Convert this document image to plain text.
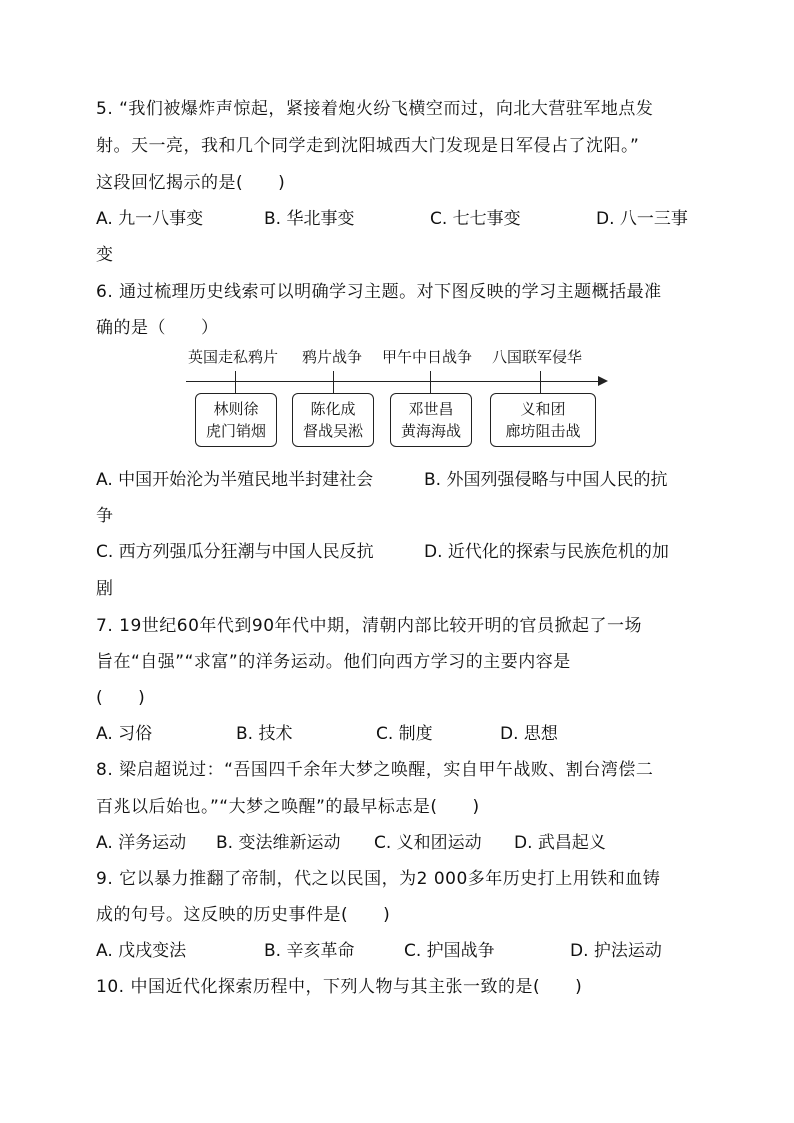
5. “我们被爆炸声惊起，紧接着炮火纷飞横空而过，向北大营驻军地点发
射。天一亮，我和几个同学走到沈阳城西大门发现是日军侵占了沈阳。”
这段回忆揭示的是(　　)
A. 九一八事变	B. 华北事变	C. 七七事变	D. 八一三事
变
6. 通过梳理历史线索可以明确学习主题。对下图反映的学习主题概括最准
确的是（　　）
英国走私鸦片 鸦片战争 甲午中日战争 八国联军侵华
林则徐
虎门销烟
陈化成
督战吴淞
邓世昌
黄海海战
义和团
廊坊阻击战
A. 中国开始沦为半殖民地半封建社会	B. 外国列强侵略与中国人民的抗
争
C. 西方列强瓜分狂潮与中国人民反抗	D. 近代化的探索与民族危机的加
剧
7. 19世纪60年代到90年代中期，清朝内部比较开明的官员掀起了一场
旨在“自强”“求富”的洋务运动。他们向西方学习的主要内容是
(　　)
A. 习俗	B. 技术	C. 制度	D. 思想
8. 梁启超说过：“吾国四千余年大梦之唤醒，实自甲午战败、割台湾偿二
百兆以后始也。”“大梦之唤醒”的最早标志是(　　)
A. 洋务运动 B. 变法维新运动 C. 义和团运动 D. 武昌起义
9. 它以暴力推翻了帝制，代之以民国，为2 000多年历史打上用铁和血铸
成的句号。这反映的历史事件是(　　)
A. 戊戌变法	B. 辛亥革命	C. 护国战争	D. 护法运动
10. 中国近代化探索历程中，下列人物与其主张一致的是(　　)
